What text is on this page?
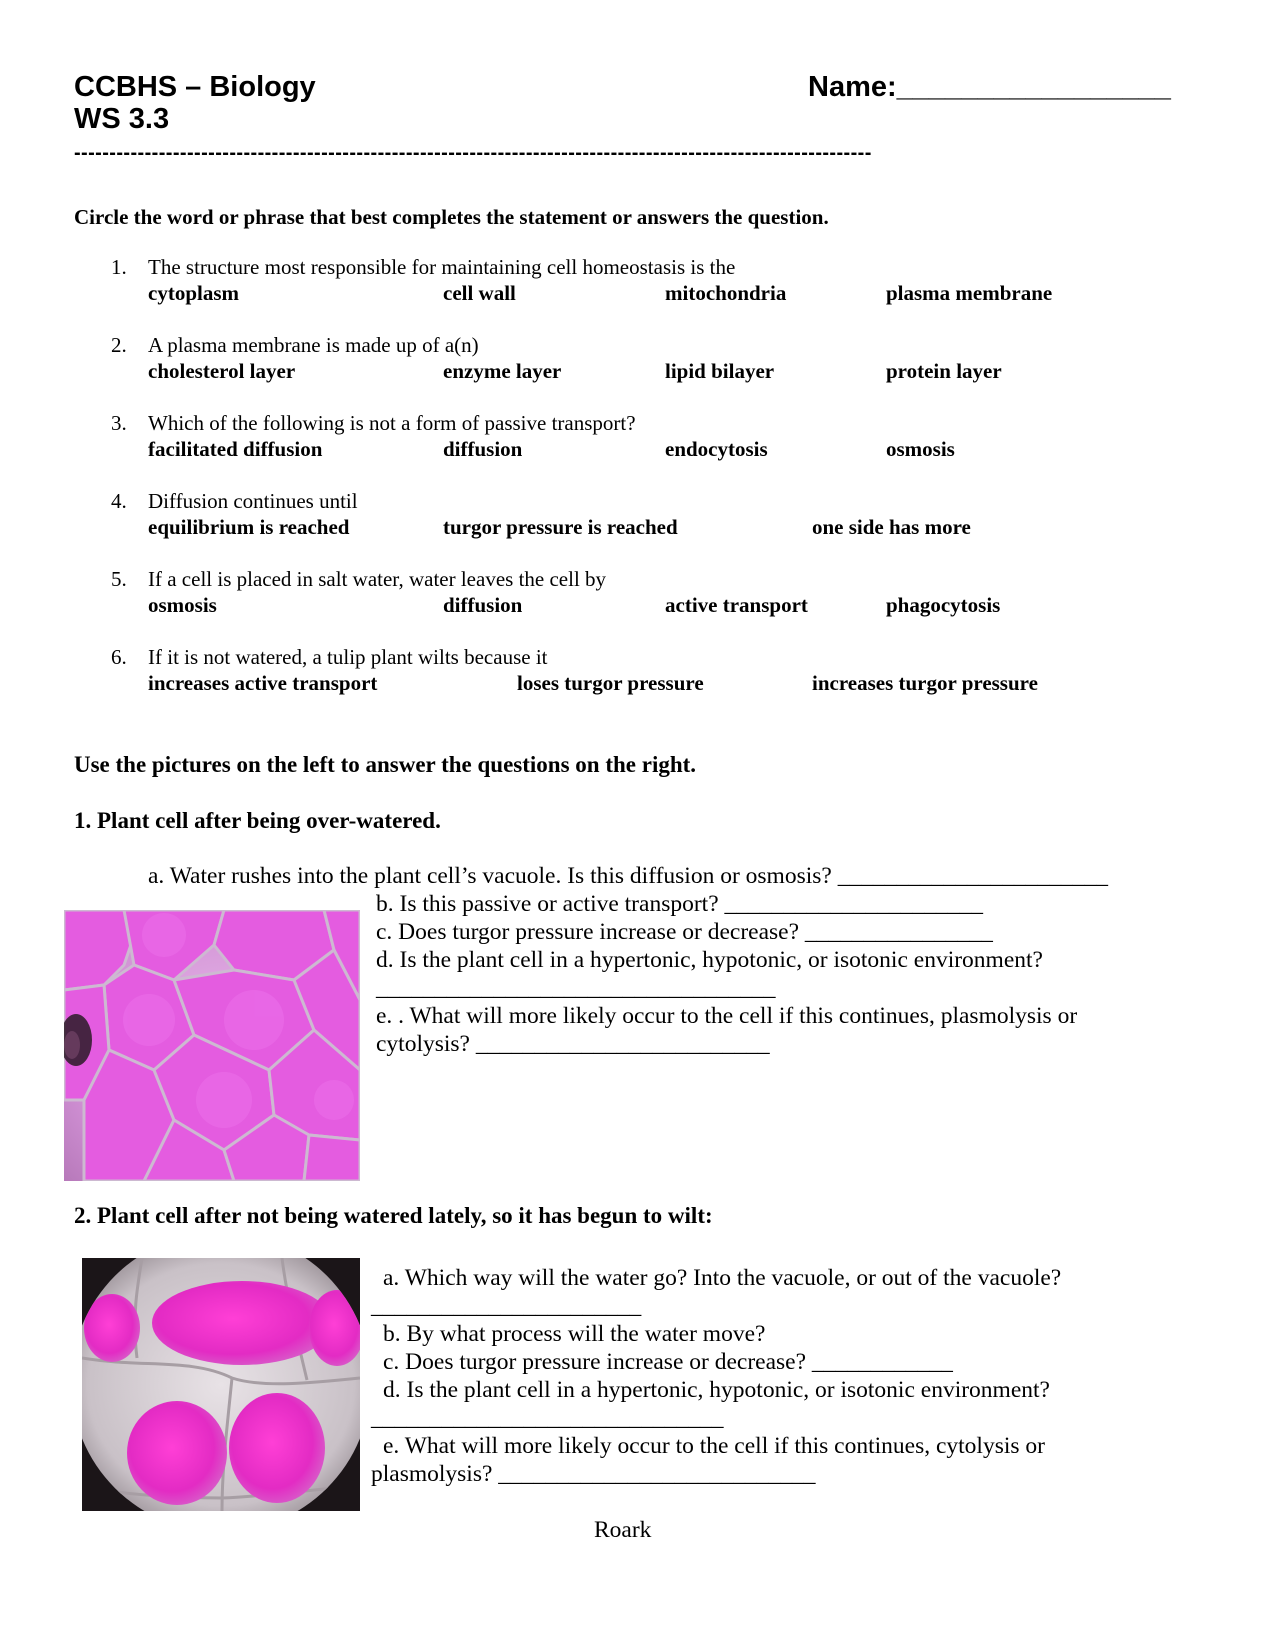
CCBHS – Biology
WS 3.3
Name:_________________
-----------------------------------------------------------------------------------------------------------------
Circle the word or phrase that best completes the statement or answers the question.
1. The structure most responsible for maintaining cell homeostasis is the
cytoplasm	cell wall	mitochondria	plasma membrane
2. A plasma membrane is made up of a(n)
cholesterol layer	enzyme layer	lipid bilayer	protein layer
3. Which of the following is not a form of passive transport?
facilitated diffusion	diffusion	endocytosis	osmosis
4. Diffusion continues until
equilibrium is reached	turgor pressure is reached	one side has more
5. If a cell is placed in salt water, water leaves the cell by
osmosis	diffusion	active transport	phagocytosis
6. If it is not watered, a tulip plant wilts because it
increases active transport	loses turgor pressure	increases turgor pressure
Use the pictures on the left to answer the questions on the right.
1. Plant cell after being over-watered.
a. Water rushes into the plant cell’s vacuole. Is this diffusion or osmosis? _______________________
b. Is this passive or active transport? ______________________
c. Does turgor pressure increase or decrease? ________________
d. Is the plant cell in a hypertonic, hypotonic, or isotonic environment?
__________________________________
e. . What will more likely occur to the cell if this continues, plasmolysis or
cytolysis? _________________________
2. Plant cell after not being watered lately, so it has begun to wilt:
a. Which way will the water go? Into the vacuole, or out of the vacuole?
_______________________
b. By what process will the water move?
c. Does turgor pressure increase or decrease? ____________
d. Is the plant cell in a hypertonic, hypotonic, or isotonic environment?
______________________________
e. What will more likely occur to the cell if this continues, cytolysis or
plasmolysis? ___________________________
Roark
